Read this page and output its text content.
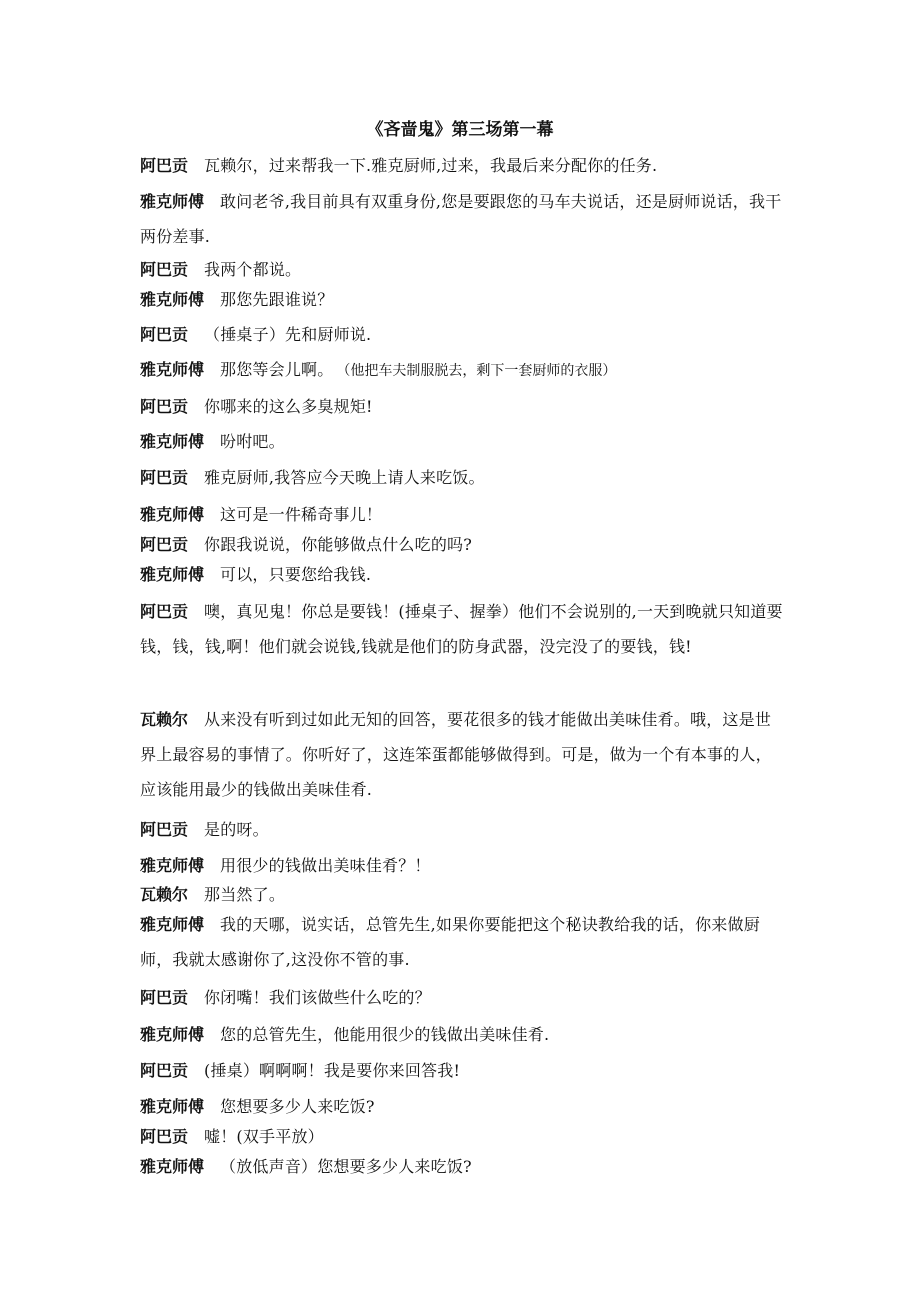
《吝啬鬼》第三场第一幕
阿巴贡 瓦赖尔，过来帮我一下.雅克厨师,过来，我最后来分配你的任务.
雅克师傅 敢问老爷,我目前具有双重身份,您是要跟您的马车夫说话，还是厨师说话，我干两份差事.
阿巴贡 我两个都说。
雅克师傅 那您先跟谁说？
阿巴贡 （捶桌子）先和厨师说.
雅克师傅 那您等会儿啊。 （他把车夫制服脱去，剩下一套厨师的衣服）
阿巴贡 你哪来的这么多臭规矩!
雅克师傅 吩咐吧。
阿巴贡 雅克厨师,我答应今天晚上请人来吃饭。
雅克师傅 这可是一件稀奇事儿！
阿巴贡 你跟我说说，你能够做点什么吃的吗?
雅克师傅 可以，只要您给我钱.
阿巴贡 噢，真见鬼！你总是要钱！(捶桌子、握拳）他们不会说别的,一天到晚就只知道要钱，钱，钱,啊！他们就会说钱,钱就是他们的防身武器，没完没了的要钱，钱!
瓦赖尔 从来没有听到过如此无知的回答，要花很多的钱才能做出美味佳肴。哦，这是世界上最容易的事情了。你听好了，这连笨蛋都能够做得到。可是，做为一个有本事的人，应该能用最少的钱做出美味佳肴.
阿巴贡 是的呀。
雅克师傅 用很少的钱做出美味佳肴？！
瓦赖尔 那当然了。
雅克师傅 我的天哪，说实话，总管先生,如果你要能把这个秘诀教给我的话，你来做厨师，我就太感谢你了,这没你不管的事.
阿巴贡 你闭嘴！我们该做些什么吃的？
雅克师傅 您的总管先生，他能用很少的钱做出美味佳肴.
阿巴贡 (捶桌）啊啊啊！我是要你来回答我!
雅克师傅 您想要多少人来吃饭?
阿巴贡 嘘！(双手平放）
雅克师傅 （放低声音）您想要多少人来吃饭?
